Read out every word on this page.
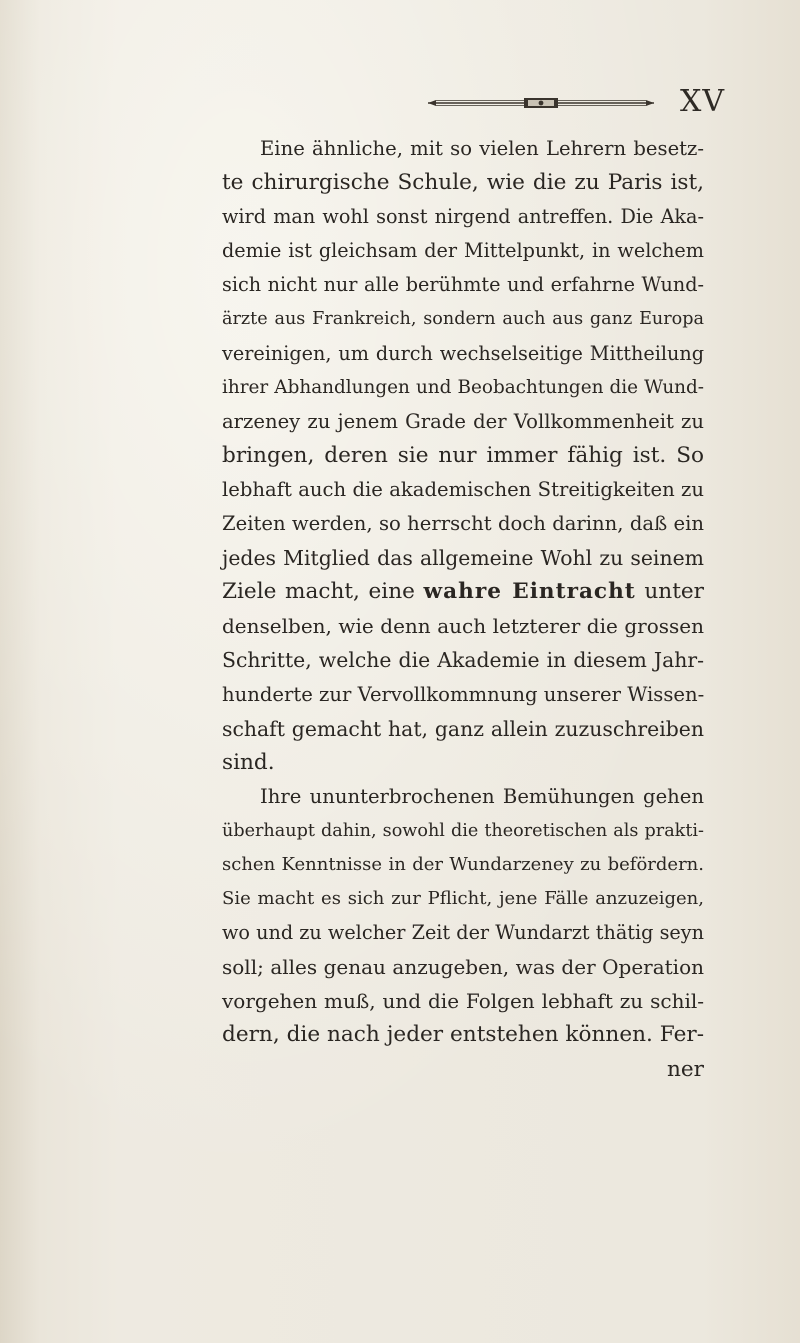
XV
Eine ähnliche, mit so vielen Lehrern besetz-
te chirurgische Schule, wie die zu Paris ist,
wird man wohl sonst nirgend antreffen. Die Aka-
demie ist gleichsam der Mittelpunkt, in welchem
sich nicht nur alle berühmte und erfahrne Wund-
ärzte aus Frankreich, sondern auch aus ganz Europa
vereinigen, um durch wechselseitige Mittheilung
ihrer Abhandlungen und Beobachtungen die Wund-
arzeney zu jenem Grade der Vollkommenheit zu
bringen, deren sie nur immer fähig ist. So
lebhaft auch die akademischen Streitigkeiten zu
Zeiten werden, so herrscht doch darinn, daß ein
jedes Mitglied das allgemeine Wohl zu seinem
Ziele macht, eine wahre Eintracht unter
denselben, wie denn auch letzterer die grossen
Schritte, welche die Akademie in diesem Jahr-
hunderte zur Vervollkommnung unserer Wissen-
schaft gemacht hat, ganz allein zuzuschreiben
sind.
Ihre ununterbrochenen Bemühungen gehen
überhaupt dahin, sowohl die theoretischen als prakti-
schen Kenntnisse in der Wundarzeney zu befördern.
Sie macht es sich zur Pflicht, jene Fälle anzuzeigen,
wo und zu welcher Zeit der Wundarzt thätig seyn
soll; alles genau anzugeben, was der Operation
vorgehen muß, und die Folgen lebhaft zu schil-
dern, die nach jeder entstehen können. Fer-
ner
